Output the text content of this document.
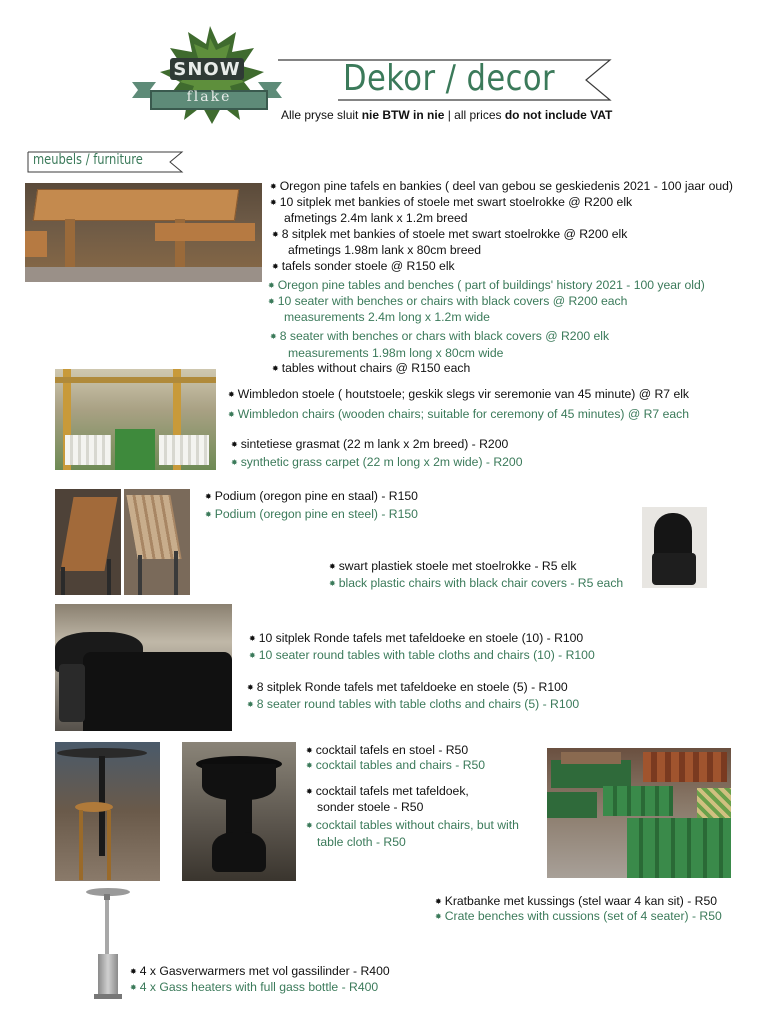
SNOW
flake	Dekor / decor
Alle pryse sluit nie BTW in nie | all prices do not include VAT
meubels / furniture
✸ Oregon pine tafels en bankies ( deel van gebou se geskiedenis 2021 - 100 jaar oud)
✸ 10 sitplek met bankies of stoele met swart stoelrokke @ R200 elk
afmetings 2.4m lank x 1.2m breed
✸ 8 sitplek met bankies of stoele met swart stoelrokke @ R200 elk
afmetings 1.98m lank x 80cm breed
✸ tafels sonder stoele @ R150 elk
✸ Oregon pine tables and benches ( part of buildings' history 2021 - 100 year old)
✸ 10 seater with benches or chairs with black covers @ R200 each
measurements 2.4m long x 1.2m wide
✸ 8 seater with benches or chars with black covers @ R200 elk
measurements 1.98m long x 80cm wide
✸ tables without chairs @ R150 each
✸ Wimbledon stoele ( houtstoele; geskik slegs vir seremonie van 45 minute) @ R7 elk
✸ Wimbledon chairs (wooden chairs; suitable for ceremony of 45 minutes) @ R7 each
✸ sintetiese grasmat (22 m lank x 2m breed) - R200
✸ synthetic grass carpet (22 m long x 2m wide) - R200
✸ Podium (oregon pine en staal) - R150
✸ Podium (oregon pine en steel) - R150
✸ swart plastiek stoele met stoelrokke - R5 elk
✸ black plastic chairs with black chair covers - R5 each
✸ 10 sitplek Ronde tafels met tafeldoeke en stoele (10) - R100
✸ 10 seater round tables with table cloths and chairs (10) - R100
✸ 8 sitplek Ronde tafels met tafeldoeke en stoele (5) - R100
✸ 8 seater round tables with table cloths and chairs (5) - R100
✸ cocktail tafels en stoel - R50
✸ cocktail tables and chairs - R50
✸ cocktail tafels met tafeldoek,
sonder stoele - R50
✸ cocktail tables without chairs, but with
table cloth - R50
✸ Kratbanke met kussings (stel waar 4 kan sit) - R50
✸ Crate benches with cussions (set of 4 seater) - R50
✸ 4 x Gasverwarmers met vol gassilinder - R400
✸ 4 x Gass heaters with full gass bottle - R400
